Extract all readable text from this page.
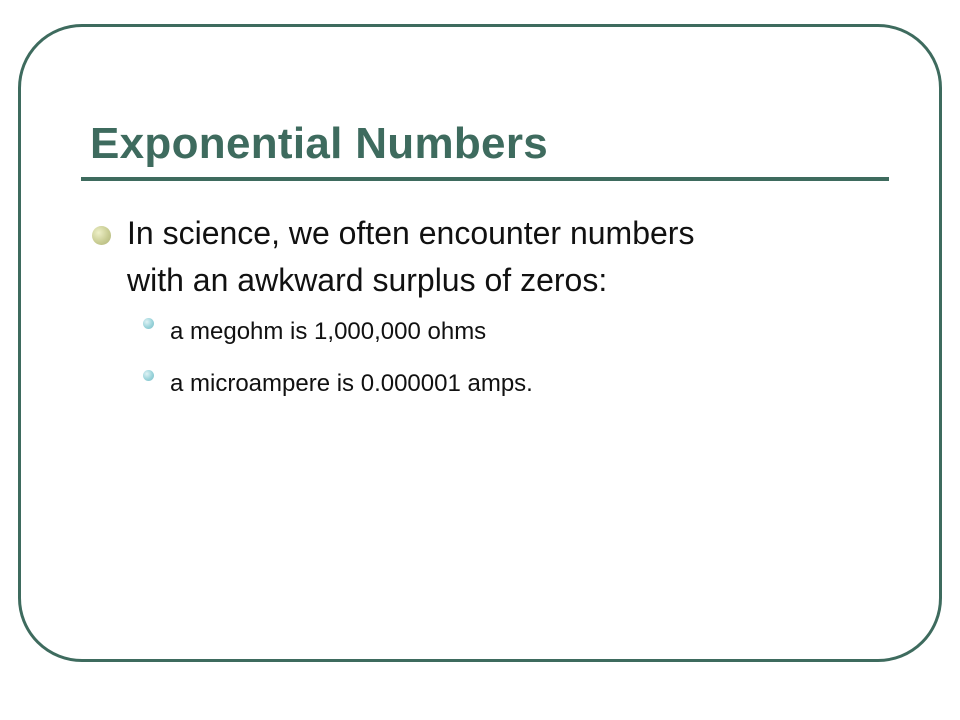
Exponential Numbers
In science, we often encounter numbers
with an awkward surplus of zeros:
a megohm is 1,000,000 ohms
a microampere is 0.000001 amps.
